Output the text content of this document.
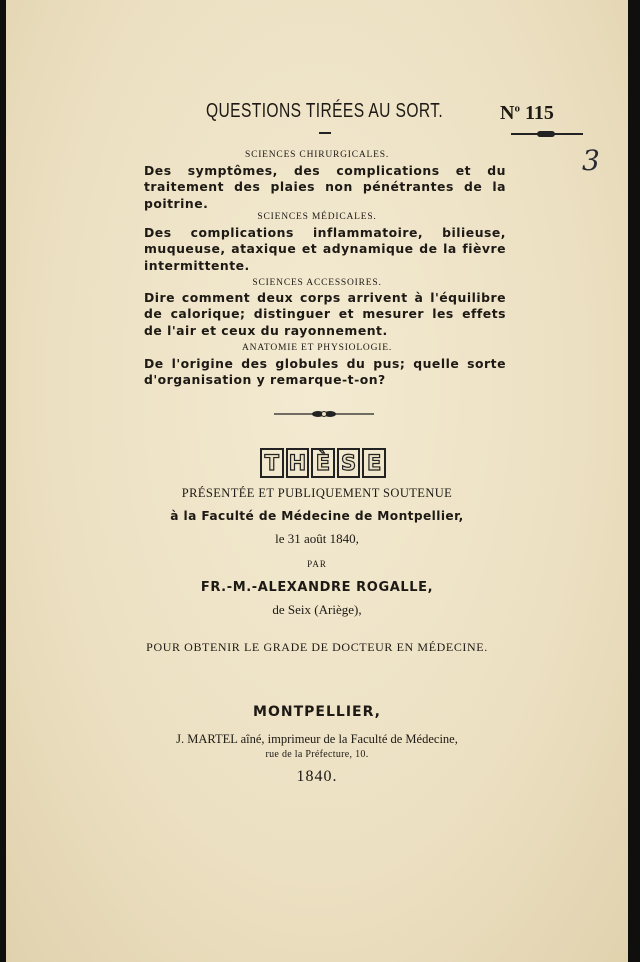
QUESTIONS TIRÉES AU SORT.	$N^o$ 115
3
SCIENCES CHIRURGICALES.
Des symptômes, des complications et du traitement des plaies non pénétrantes de la poitrine.
SCIENCES MÉDICALES.
Des complications inflammatoire, bilieuse, muqueuse, ataxique et adynamique de la fièvre intermittente.
SCIENCES ACCESSOIRES.
Dire comment deux corps arrivent à l'équilibre de calorique; distinguer et mesurer les effets de l'air et ceux du rayonnement.
ANATOMIE ET PHYSIOLOGIE.
De l'origine des globules du pus; quelle sorte d'organisation y remarque-t-on?
T H È S E
PRÉSENTÉE ET PUBLIQUEMENT SOUTENUE
à la Faculté de Médecine de Montpellier,
le 31 août 1840,
PAR
FR.-M.-ALEXANDRE ROGALLE,
de Seix (Ariège),
POUR OBTENIR LE GRADE DE DOCTEUR EN MÉDECINE.
MONTPELLIER,
J. MARTEL aîné, imprimeur de la Faculté de Médecine,
rue de la Préfecture, 10.
1840.
